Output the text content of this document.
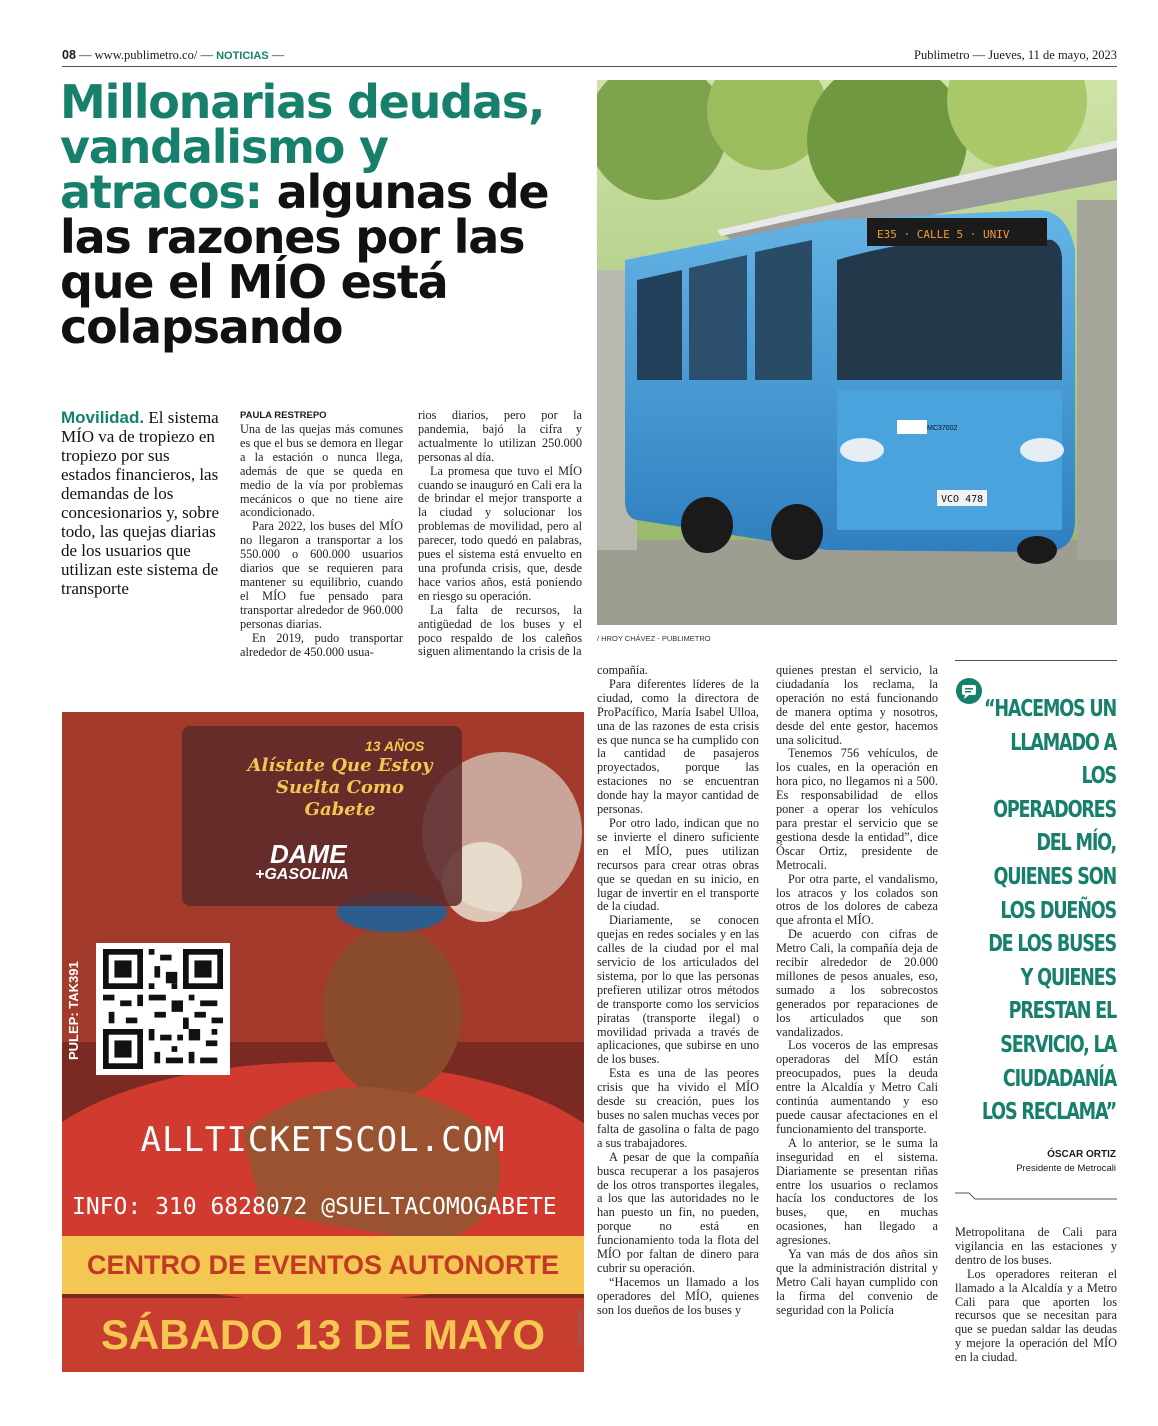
08 — www.publimetro.co/ — NOTICIAS —	Publimetro — Jueves, 11 de mayo, 2023
Millonarias deudas, vandalismo y atracos: algunas de las razones por las que el MÍO está colapsando
E35 · CALLE 5 · UNIV
VCO 478
MC37002
/ HROY CHÁVEZ - PUBLIMETRO
Movilidad. El sistema MÍO va de tropiezo en tropiezo por sus estados financieros, las demandas de los concesionarios y, sobre todo, las quejas diarias de los usuarios que utilizan este sistema de transporte
PAULA RESTREPO

Una de las quejas más comunes es que el bus se demora en llegar a la estación o nunca llega, además de que se queda en medio de la vía por problemas mecánicos o que no tiene aire acondicionado.

Para 2022, los buses del MÍO no llegaron a transportar a los 550.000 o 600.000 usuarios diarios que se requieren para mantener su equilibrio, cuando el MÍO fue pensado para transportar alrededor de 960.000 personas diarias.

En 2019, pudo transportar alrededor de 450.000 usua-

rios diarios, pero por la pandemia, bajó la cifra y actualmente lo utilizan 250.000 personas al día.

La promesa que tuvo el MÍO cuando se inauguró en Cali era la de brindar el mejor transporte a la ciudad y solucionar los problemas de movilidad, pero al parecer, todo quedó en palabras, pues el sistema está envuelto en una profunda crisis, que, desde hace varios años, está poniendo en riesgo su operación.

La falta de recursos, la antigüedad de los buses y el poco respaldo de los caleños siguen alimentando la crisis de la

compañía.

Para diferentes líderes de la ciudad, como la directora de ProPacífico, María Isabel Ulloa, una de las razones de esta crisis es que nunca se ha cumplido con la cantidad de pasajeros proyectados, porque las estaciones no se encuentran donde hay la mayor cantidad de personas.

Por otro lado, indican que no se invierte el dinero suficiente en el MÍO, pues utilizan recursos para crear otras obras que se quedan en su inicio, en lugar de invertir en el transporte de la ciudad.

Diariamente, se conocen quejas en redes sociales y en las calles de la ciudad por el mal servicio de los articulados del sistema, por lo que las personas prefieren utilizar otros métodos de transporte como los servicios piratas (transporte ilegal) o movilidad privada a través de aplicaciones, que subirse en uno de los buses.

Esta es una de las peores crisis que ha vivido el MÍO desde su creación, pues los buses no salen muchas veces por falta de gasolina o falta de pago a sus trabajadores.

A pesar de que la compañía busca recuperar a los pasajeros de los otros transportes ilegales, a los que las autoridades no le han puesto un fin, no pueden, porque no está en funcionamiento toda la flota del MÍO por faltan de dinero para cubrir su operación.

“Hacemos un llamado a los operadores del MÍO, quienes son los dueños de los buses y

quienes prestan el servicio, la ciudadanía los reclama, la operación no está funcionando de manera optima y nosotros, desde del ente gestor, hacemos una solicitud.

Tenemos 756 vehículos, de los cuales, en la operación en hora pico, no llegamos ni a 500. Es responsabilidad de ellos poner a operar los vehículos para prestar el servicio que se gestiona desde la entidad”, dice Óscar Ortiz, presidente de Metrocali.

Por otra parte, el vandalismo, los atracos y los colados son otros de los dolores de cabeza que afronta el MÍO.

De acuerdo con cifras de Metro Cali, la compañía deja de recibir alrededor de 20.000 millones de pesos anuales, eso, sumado a los sobrecostos generados por reparaciones de los articulados que son vandalizados.

Los voceros de las empresas operadoras del MÍO están preocupados, pues la deuda entre la Alcaldía y Metro Cali continúa aumentando y eso puede causar afectaciones en el funcionamiento del transporte.

A lo anterior, se le suma la inseguridad en el sistema. Diariamente se presentan riñas entre los usuarios o reclamos hacía los conductores de los buses, que, en muchas ocasiones, han llegado a agresiones.

Ya van más de dos años sin que la administración distrital y Metro Cali hayan cumplido con la firma del convenio de seguridad con la Policía

Metropolitana de Cali para vigilancia en las estaciones y dentro de los buses.

Los operadores reiteran el llamado a la Alcaldía y a Metro Cali para que aporten los recursos que se necesitan para que se puedan saldar las deudas y mejore la operación del MÍO en la ciudad.

“HACEMOS UN LLAMADO A LOS OPERADORES DEL MÍO, QUIENES SON LOS DUEÑOS DE LOS BUSES Y QUIENES PRESTAN EL SERVICIO, LA CIUDADANÍA LOS RECLAMA”
ÓSCAR ORTIZ
Presidente de Metrocali
13 AÑOS
Alístate Que Estoy Suelta Como Gabete
DAME
+GASOLINA
PULEP: TAK391
ALLTICKETSCOL.COM
INFO: 310 6828072 @SUELTACOMOGABETE
CENTRO DE EVENTOS AUTONORTE
SÁBADO 13 DE MAYO	PUBLICIDAD
